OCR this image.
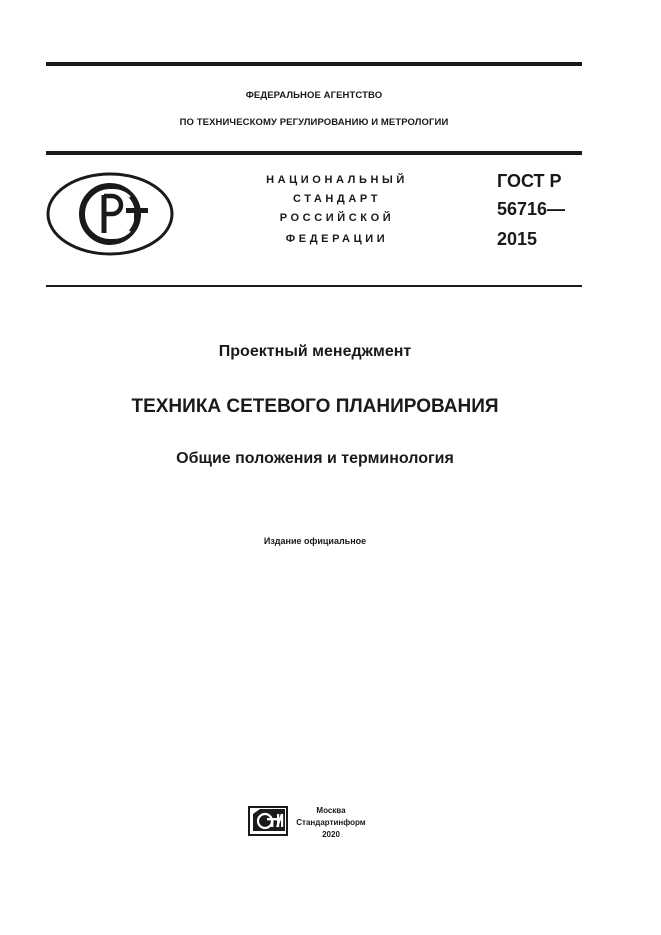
ФЕДЕРАЛЬНОЕ АГЕНТСТВО
ПО ТЕХНИЧЕСКОМУ РЕГУЛИРОВАНИЮ И МЕТРОЛОГИИ
НАЦИОНАЛЬНЫЙ
СТАНДАРТ
РОССИЙСКОЙ
ФЕДЕРАЦИИ
ГОСТ Р
56716—
2015
Проектный менеджмент
ТЕХНИКА СЕТЕВОГО ПЛАНИРОВАНИЯ
Общие положения и терминология
Издание официальное
Москва
Стандартинформ
2020
